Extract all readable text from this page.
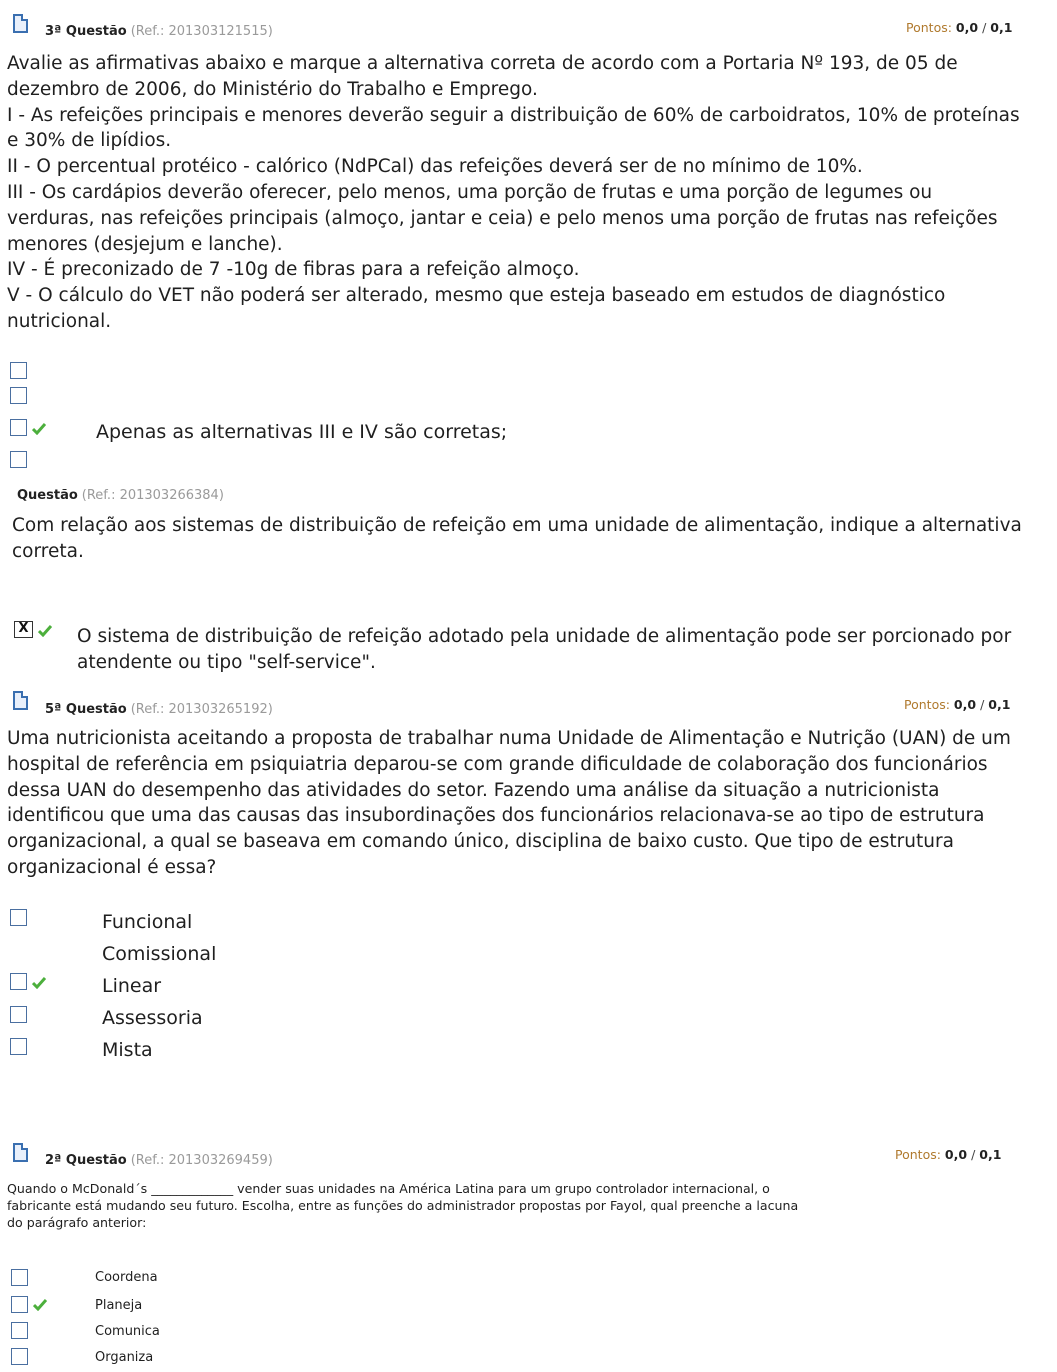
3ª Questão (Ref.: 201303121515)	Pontos: 0,0 / 0,1
Avalie as afirmativas abaixo e marque a alternativa correta de acordo com a Portaria Nº 193, de 05 de
dezembro de 2006, do Ministério do Trabalho e Emprego.
I - As refeições principais e menores deverão seguir a distribuição de 60% de carboidratos, 10% de proteínas
e 30% de lipídios.
II - O percentual protéico - calórico (NdPCal) das refeições deverá ser de no mínimo de 10%.
III - Os cardápios deverão oferecer, pelo menos, uma porção de frutas e uma porção de legumes ou
verduras, nas refeições principais (almoço, jantar e ceia) e pelo menos uma porção de frutas nas refeições
menores (desjejum e lanche).
IV - É preconizado de 7 -10g de fibras para a refeição almoço.
V - O cálculo do VET não poderá ser alterado, mesmo que esteja baseado em estudos de diagnóstico
nutricional.
Apenas as alternativas III e IV são corretas;
Questão (Ref.: 201303266384)
Com relação aos sistemas de distribuição de refeição em uma unidade de alimentação, indique a alternativa
correta.
X	O sistema de distribuição de refeição adotado pela unidade de alimentação pode ser porcionado por
atendente ou tipo "self-service".
5ª Questão (Ref.: 201303265192)	Pontos: 0,0 / 0,1
Uma nutricionista aceitando a proposta de trabalhar numa Unidade de Alimentação e Nutrição (UAN) de um
hospital de referência em psiquiatria deparou-se com grande dificuldade de colaboração dos funcionários
dessa UAN do desempenho das atividades do setor. Fazendo uma análise da situação a nutricionista
identificou que uma das causas das insubordinações dos funcionários relacionava-se ao tipo de estrutura
organizacional, a qual se baseava em comando único, disciplina de baixo custo. Que tipo de estrutura
organizacional é essa?
Funcional
Comissional
Linear
Assessoria
Mista
2ª Questão (Ref.: 201303269459)	Pontos: 0,0 / 0,1
Quando o McDonald´s _____________ vender suas unidades na América Latina para um grupo controlador internacional, o
fabricante está mudando seu futuro. Escolha, entre as funções do administrador propostas por Fayol, qual preenche a lacuna
do parágrafo anterior:
Coordena
Planeja
Comunica
Organiza
